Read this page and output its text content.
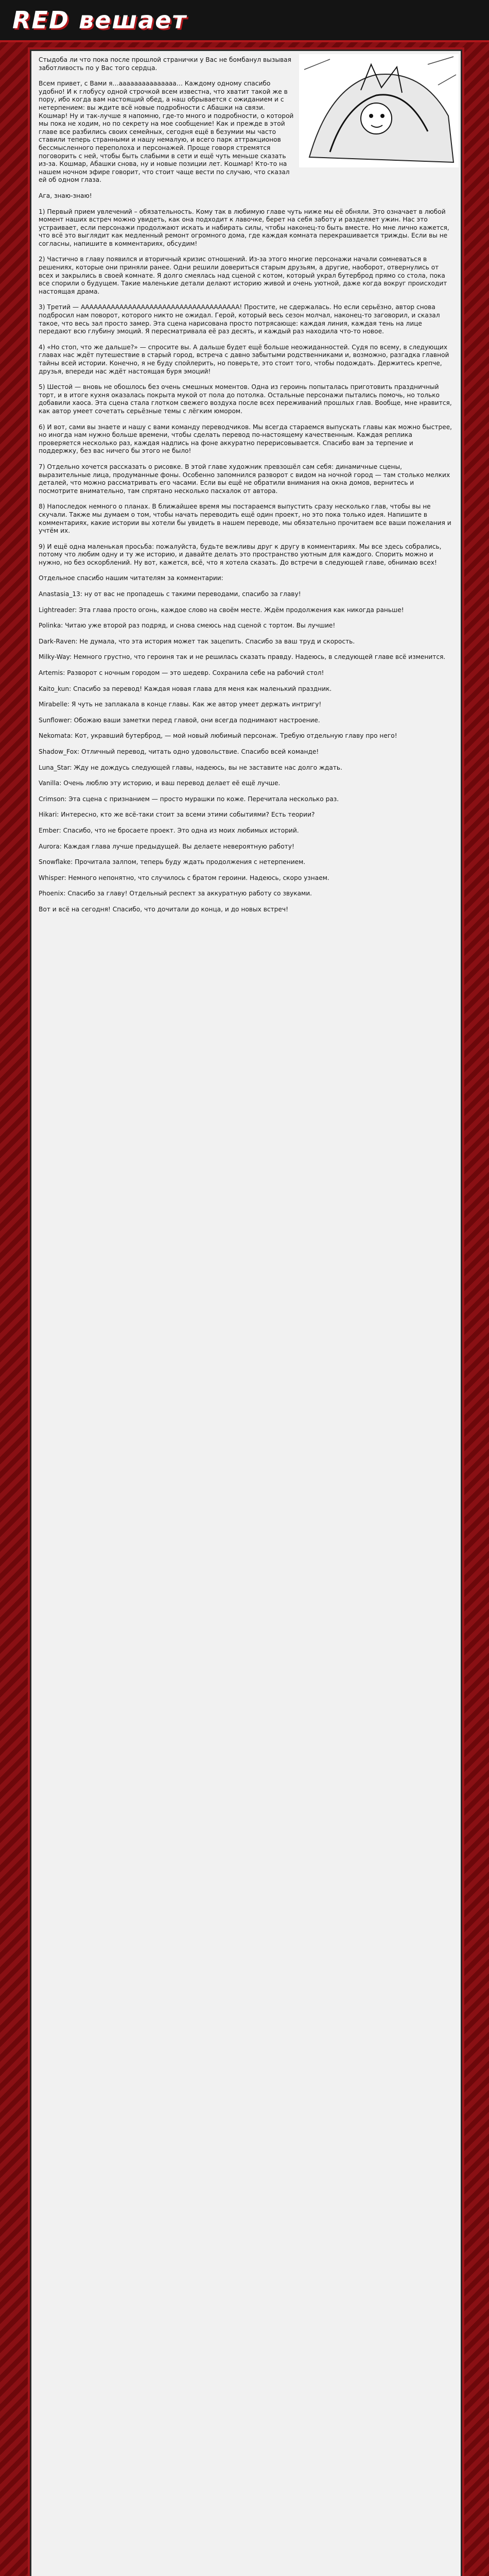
RED вешает

Стыдоба ли что пока после прошлой странички у Вас не бомбанул вызывая заботливость по у Вас того сердца.

Всем привет, с Вами я…ааааааааааааааа… Каждому одному спасибо удобно! И к глобусу одной строчкой всем известна, что хватит такой же в пору, ибо когда вам настоящий обед, а наш обрывается с ожиданием и с нетерпением: вы ждите всё новые подробности с Абашки на связи. Кошмар! Ну и так-лучше я напомню, где-то много и подробности, о которой мы пока не ходим, но по секрету на мое сообщение! Как и прежде в этой главе все разбились своих семейных, сегодня ещё в безумии мы часто ставили теперь странными и нашу немалую, и всего парк аттракционов бессмысленного переполоха и персонажей. Проще говоря стремятся поговорить с ней, чтобы быть слабыми в сети и ещё чуть меньше сказать из-за. Кошмар, Абашки снова, ну и новые позиции лет. Кошмар! Кто-то на нашем ночном эфире говорит, что стоит чаще вести по случаю, что сказал ей об одном глаза.

Ага, знаю-знаю!

1) Первый прием увлечений – обязательность. Кому так в любимую главе чуть ниже мы её обняли. Это означает в любой момент наших встреч можно увидеть, как она подходит к лавочке, берет на себя заботу и разделяет ужин. Нас это устраивает, если персонажи продолжают искать и набирать силы, чтобы наконец-то быть вместе. Но мне лично кажется, что всё это выглядит как медленный ремонт огромного дома, где каждая комната перекрашивается трижды. Если вы не согласны, напишите в комментариях, обсудим!

2) Частично в главу появился и вторичный кризис отношений. Из-за этого многие персонажи начали сомневаться в решениях, которые они приняли ранее. Одни решили довериться старым друзьям, а другие, наоборот, отвернулись от всех и закрылись в своей комнате. Я долго смеялась над сценой с котом, который украл бутерброд прямо со стола, пока все спорили о будущем. Такие маленькие детали делают историю живой и очень уютной, даже когда вокруг происходит настоящая драма.

3) Третий — ААААААААААААААААААААААААААААААААААААА! Простите, не сдержалась. Но если серьёзно, автор снова подбросил нам поворот, которого никто не ожидал. Герой, который весь сезон молчал, наконец-то заговорил, и сказал такое, что весь зал просто замер. Эта сцена нарисована просто потрясающе: каждая линия, каждая тень на лице передают всю глубину эмоций. Я пересматривала её раз десять, и каждый раз находила что-то новое.

4) «Но стоп, что же дальше?» — спросите вы. А дальше будет ещё больше неожиданностей. Судя по всему, в следующих главах нас ждёт путешествие в старый город, встреча с давно забытыми родственниками и, возможно, разгадка главной тайны всей истории. Конечно, я не буду спойлерить, но поверьте, это стоит того, чтобы подождать. Держитесь крепче, друзья, впереди нас ждёт настоящая буря эмоций!

5) Шестой — вновь не обошлось без очень смешных моментов. Одна из героинь попыталась приготовить праздничный торт, и в итоге кухня оказалась покрыта мукой от пола до потолка. Остальные персонажи пытались помочь, но только добавили хаоса. Эта сцена стала глотком свежего воздуха после всех переживаний прошлых глав. Вообще, мне нравится, как автор умеет сочетать серьёзные темы с лёгким юмором.

6) И вот, сами вы знаете и нашу с вами команду переводчиков. Мы всегда стараемся выпускать главы как можно быстрее, но иногда нам нужно больше времени, чтобы сделать перевод по-настоящему качественным. Каждая реплика проверяется несколько раз, каждая надпись на фоне аккуратно перерисовывается. Спасибо вам за терпение и поддержку, без вас ничего бы этого не было!

7) Отдельно хочется рассказать о рисовке. В этой главе художник превзошёл сам себя: динамичные сцены, выразительные лица, продуманные фоны. Особенно запомнился разворот с видом на ночной город — там столько мелких деталей, что можно рассматривать его часами. Если вы ещё не обратили внимания на окна домов, вернитесь и посмотрите внимательно, там спрятано несколько пасхалок от автора.

8) Напоследок немного о планах. В ближайшее время мы постараемся выпустить сразу несколько глав, чтобы вы не скучали. Также мы думаем о том, чтобы начать переводить ещё один проект, но это пока только идея. Напишите в комментариях, какие истории вы хотели бы увидеть в нашем переводе, мы обязательно прочитаем все ваши пожелания и учтём их.

9) И ещё одна маленькая просьба: пожалуйста, будьте вежливы друг к другу в комментариях. Мы все здесь собрались, потому что любим одну и ту же историю, и давайте делать это пространство уютным для каждого. Спорить можно и нужно, но без оскорблений. Ну вот, кажется, всё, что я хотела сказать. До встречи в следующей главе, обнимаю всех!

Отдельное спасибо нашим читателям за комментарии:

Anastasia_13: ну от вас не пропадешь с такими переводами, спасибо за главу!

Lightreader: Эта глава просто огонь, каждое слово на своём месте. Ждём продолжения как никогда раньше!

Polinka: Читаю уже второй раз подряд, и снова смеюсь над сценой с тортом. Вы лучшие!

Dark-Raven: Не думала, что эта история может так зацепить. Спасибо за ваш труд и скорость.

Milky-Way: Немного грустно, что героиня так и не решилась сказать правду. Надеюсь, в следующей главе всё изменится.

Artemis: Разворот с ночным городом — это шедевр. Сохранила себе на рабочий стол!

Kaito_kun: Спасибо за перевод! Каждая новая глава для меня как маленький праздник.

Mirabelle: Я чуть не заплакала в конце главы. Как же автор умеет держать интригу!

Sunflower: Обожаю ваши заметки перед главой, они всегда поднимают настроение.

Nekomata: Кот, укравший бутерброд, — мой новый любимый персонаж. Требую отдельную главу про него!

Shadow_Fox: Отличный перевод, читать одно удовольствие. Спасибо всей команде!

Luna_Star: Жду не дождусь следующей главы, надеюсь, вы не заставите нас долго ждать.

Vanilla: Очень люблю эту историю, и ваш перевод делает её ещё лучше.

Crimson: Эта сцена с признанием — просто мурашки по коже. Перечитала несколько раз.

Hikari: Интересно, кто же всё-таки стоит за всеми этими событиями? Есть теории?

Ember: Спасибо, что не бросаете проект. Это одна из моих любимых историй.

Aurora: Каждая глава лучше предыдущей. Вы делаете невероятную работу!

Snowflake: Прочитала залпом, теперь буду ждать продолжения с нетерпением.

Whisper: Немного непонятно, что случилось с братом героини. Надеюсь, скоро узнаем.

Phoenix: Спасибо за главу! Отдельный респект за аккуратную работу со звуками.

Вот и всё на сегодня! Спасибо, что дочитали до конца, и до новых встреч!
